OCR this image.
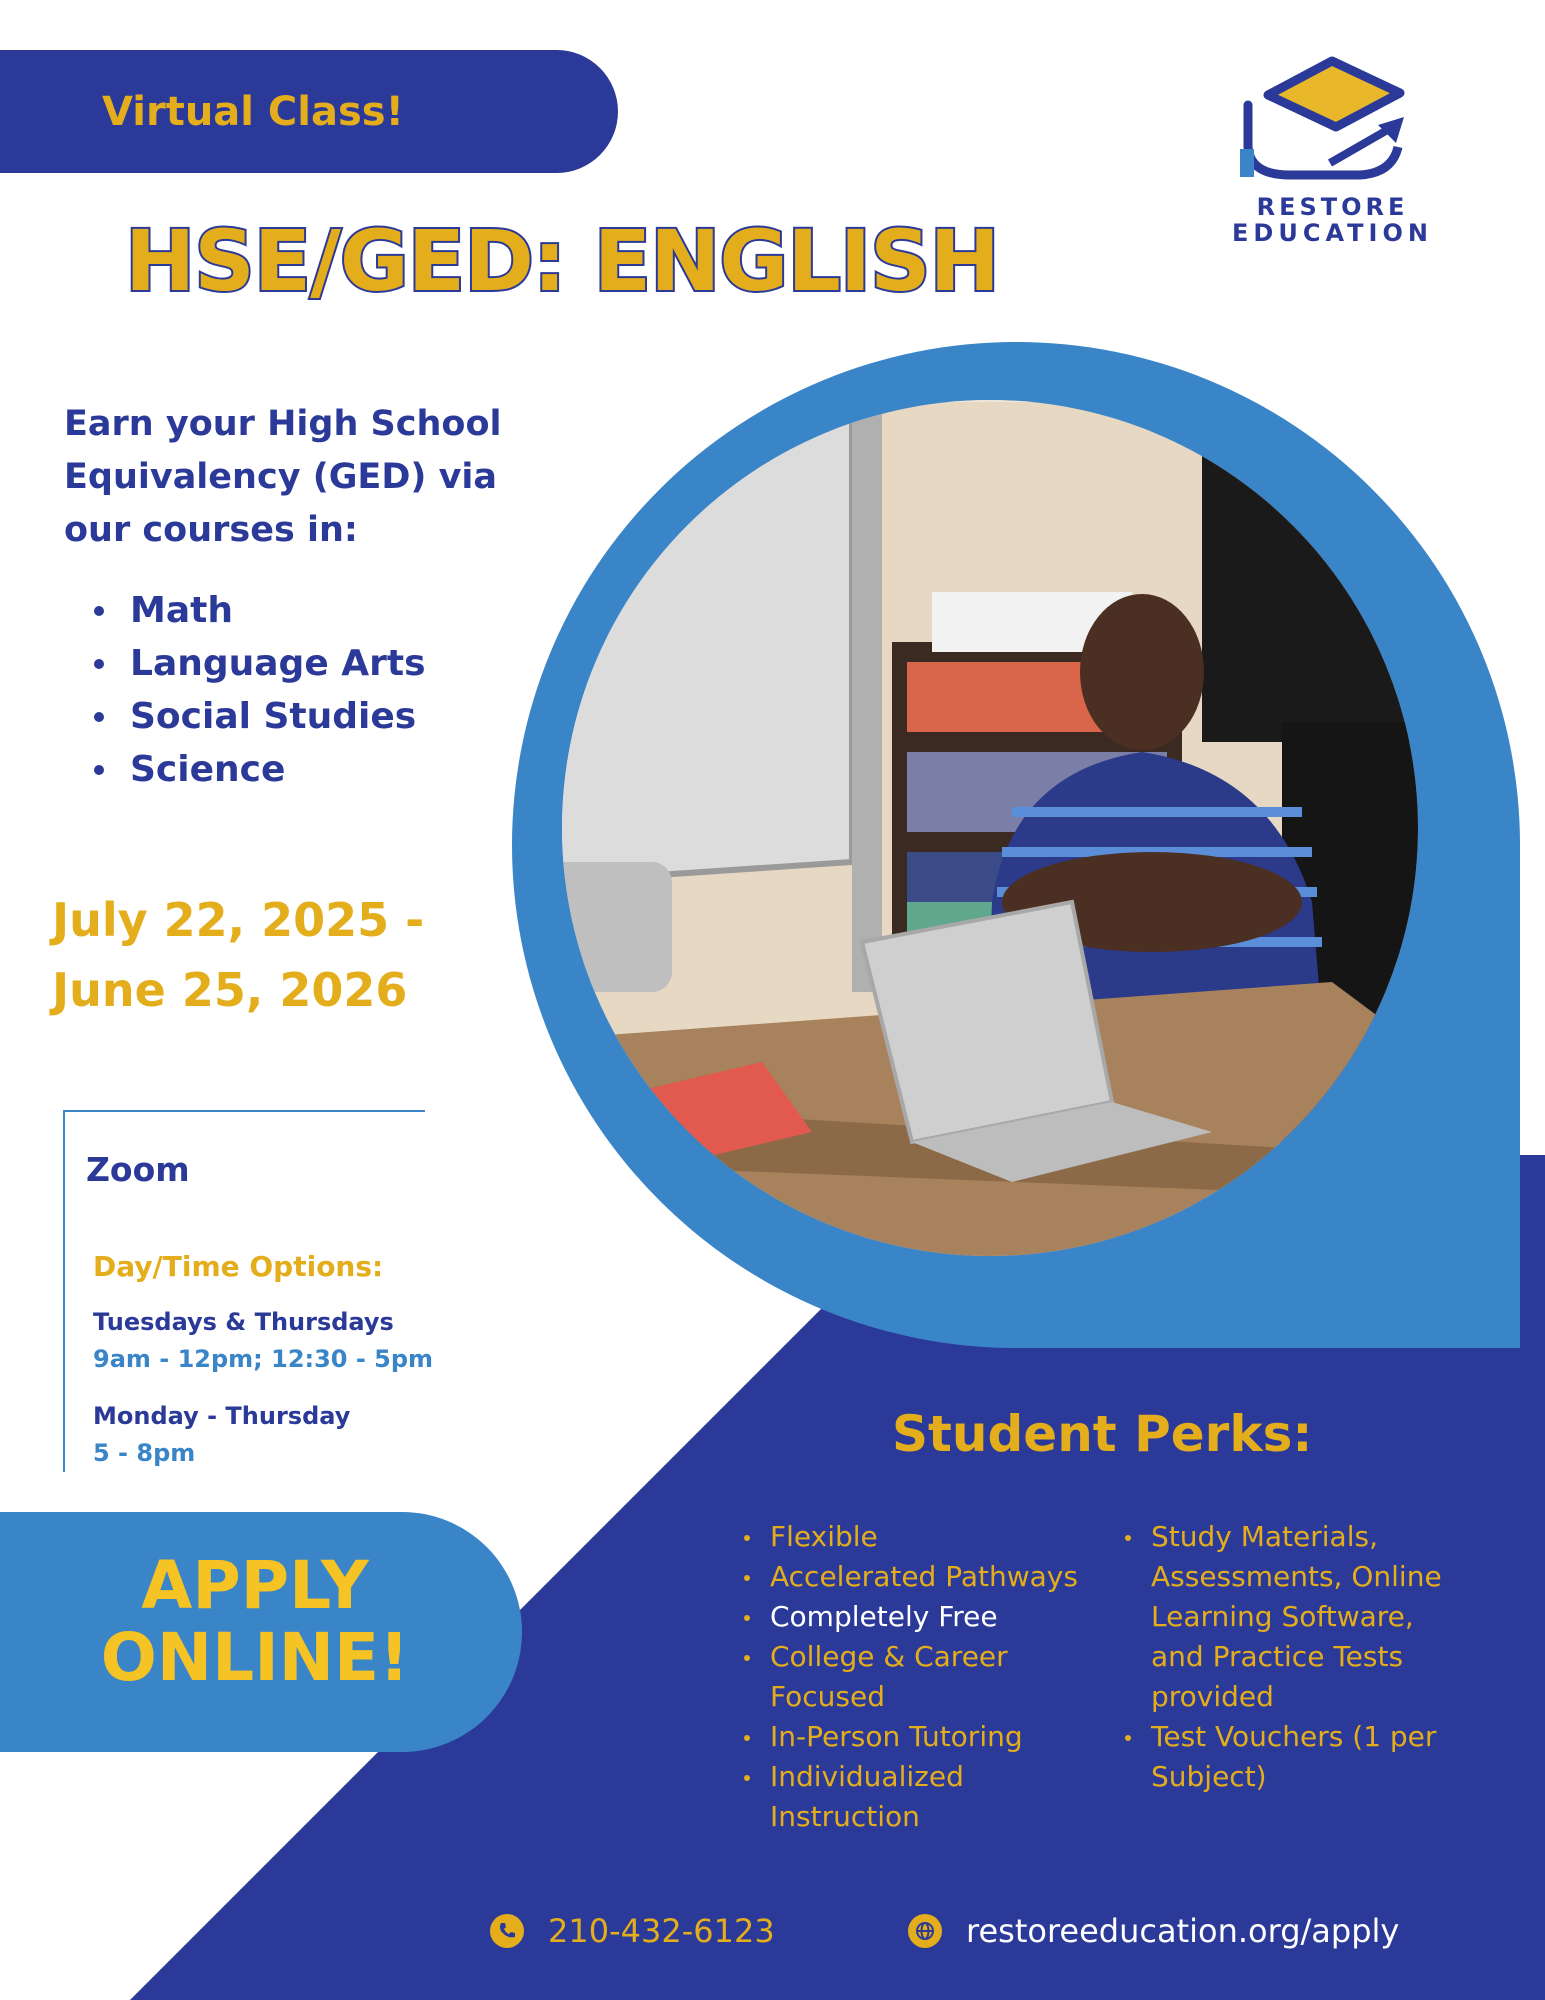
Virtual Class!
HSE/GED: ENGLISH
RESTORE
EDUCATION

Earn your High School

Equivalency (GED) via

our courses in:

Math
Language Arts
Social Studies
Science
July 22, 2025 -
June 25, 2026
Zoom
Day/Time Options:
Tuesdays & Thursdays
9am - 12pm; 12:30 - 5pm
Monday - Thursday
5 - 8pm
APPLY
ONLINE!
Student Perks:
Flexible
Accelerated Pathways
Completely Free
College & Career Focused
In-Person Tutoring
Individualized Instruction
Study Materials, Assessments, Online Learning Software, and Practice Tests provided
Test Vouchers (1 per Subject)
210-432-6123	restoreeducation.org/apply
